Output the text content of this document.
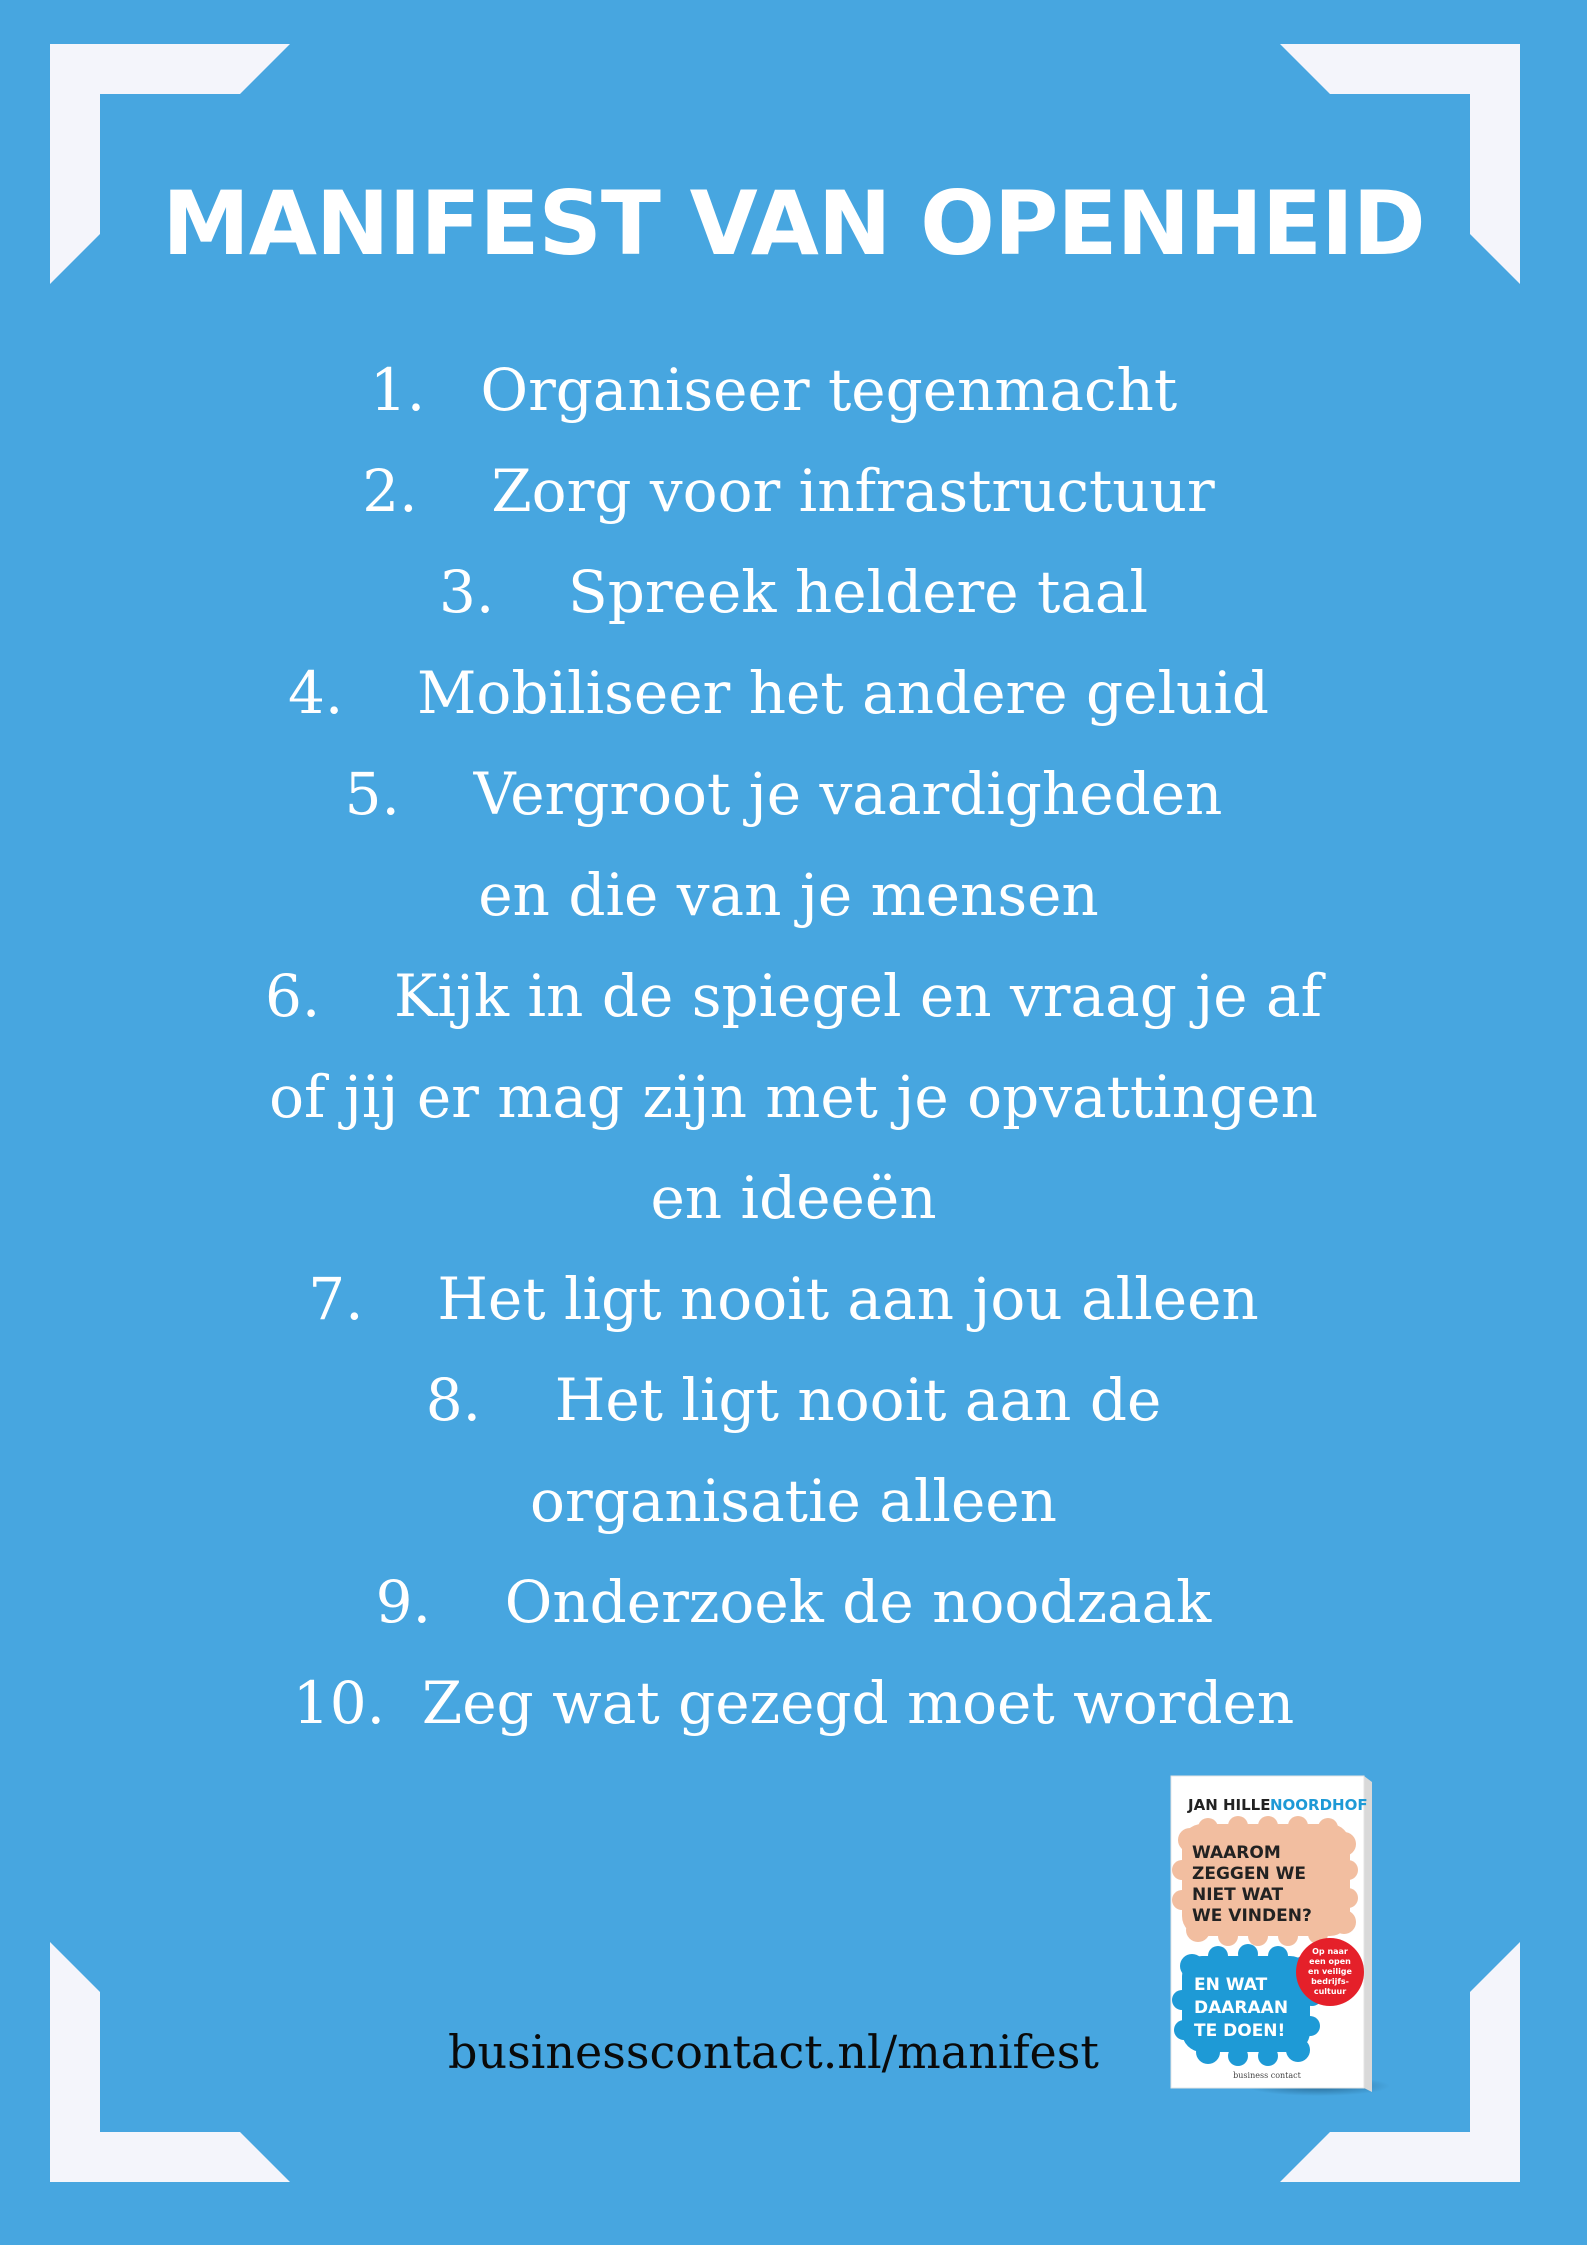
MANIFEST VAN OPENHEID
1. Organiseer tegenmacht
2. Zorg voor infrastructuur
3. Spreek heldere taal
4. Mobiliseer het andere geluid
5. Vergroot je vaardigheden
en die van je mensen
6. Kijk in de spiegel en vraag je af
of jij er mag zijn met je opvattingen
en ideeën
7. Het ligt nooit aan jou alleen
8. Het ligt nooit aan de
organisatie alleen
9. Onderzoek de noodzaak
10. Zeg wat gezegd moet worden
businesscontact.nl/manifest
JAN HILLE NOORDHOF
WAAROM
ZEGGEN WE
NIET WAT
WE VINDEN?
EN WAT
DAARAAN
TE DOEN!
Op naar
een open
en veilige
bedrijfs-
cultuur
business contact
